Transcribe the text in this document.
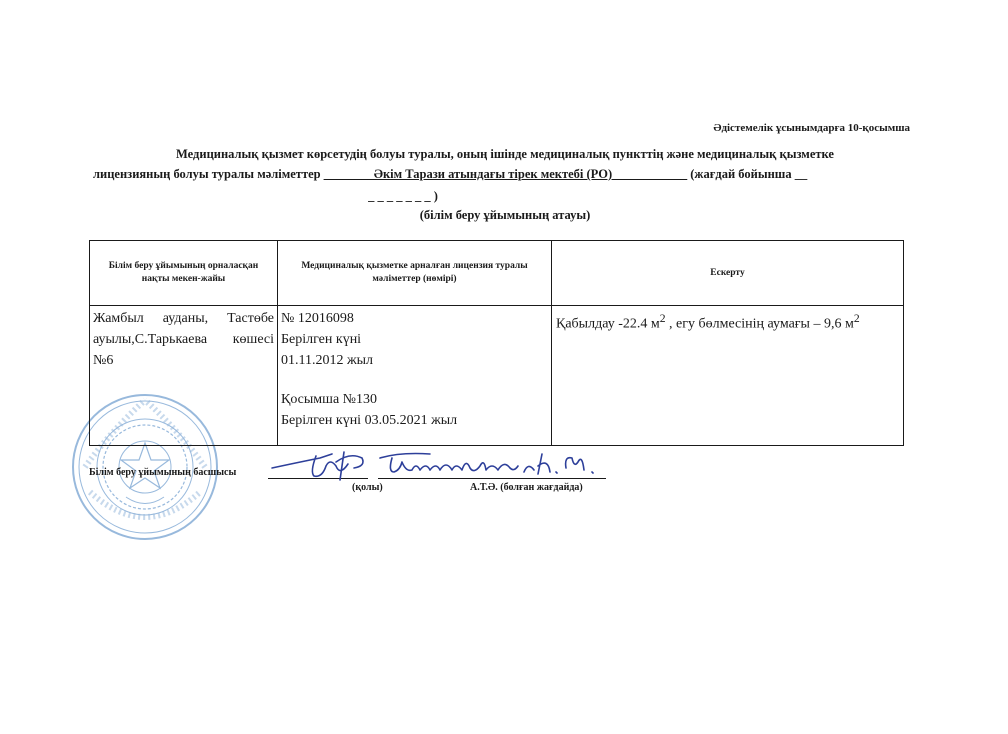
Әдістемелік ұсынымдарға 10-қосымша
Медициналық қызмет көрсетудің болуы туралы, оның ішінде медициналық пункттің және медициналық қызметке
лицензияның болуы туралы мәліметтер ________Әкім Тарази атындағы тірек мектебі (РО)____________ (жағдай бойынша __
_ _ _ _ _ _ _ )
(білім беру ұйымының атауы)
Білім беру ұйымының орналасқан нақты мекен-жайы	Медициналық қызметке арналған лицензия туралы мәліметтер (нөмірі)	Ескерту
Жамбыл ауданы, Тастөбе ауылы,С.Тарькаева көшесі №6	№ 12016098
Берілген күні
01.11.2012 жыл
Қосымша №130
Берілген күні 03.05.2021 жыл	Қабылдау -22.4 $м^2$ , егу бөлмесінің аумағы – 9,6 $м^2$
Білім беру ұйымының басшысы
(қолы)	А.Т.Ә. (болған жағдайда)
